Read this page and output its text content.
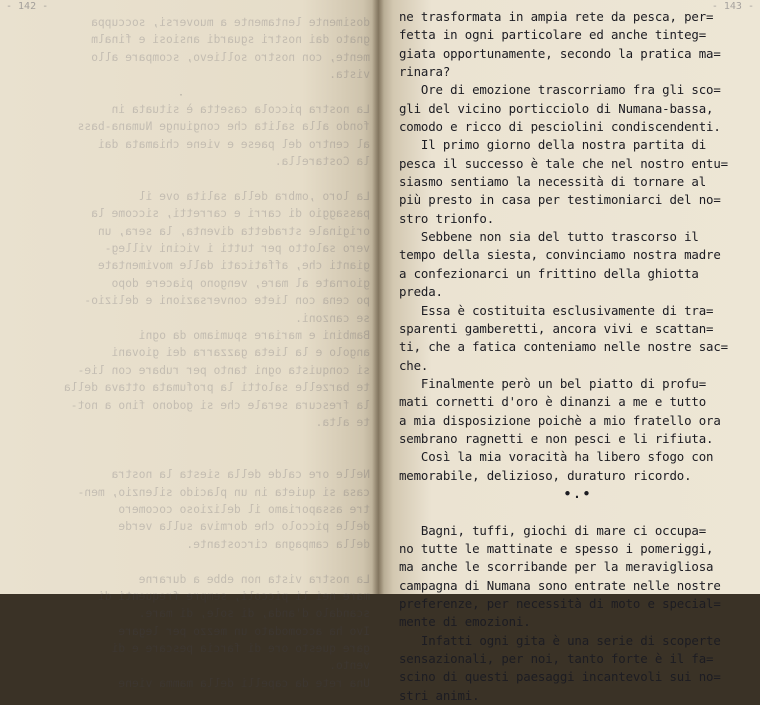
- 142 -
·
dosimente lentamente a muoversi, soccuppa
gnato dai nostri sguardi ansiosi e finalm
mente, con nostro sollievo, scompare allo
vista.
La nostra piccola casetta è situata in
fondo alla salita che congiunge Numana-bass
al centro del paese e viene chiamata dai
la Costarella.
La loro ,ombra della salita ove il
passaggio di carri e carretti, siccome la
originale stradetta diventa, la sera, un
vero salotto per tutti i vicini villeg-
gianti che, affaticati dalle movimentate
giornate al mare, vengono piacere dopo
po cena con liete conversazioni e delizio-
se canzoni.
Bambini e mariare spumiamo da ogni
angolo e la lieta gazzarra dei giovani
si conquista ogni tanto per rubare con lie-
te barzelle salotti la profumata ottava della
la frescura serale che si godono fino a not-
te alta.
Nelle ore calde della siesta la nostra
casa si quieta in un placido silenzio, men-
tre assaporiamo il delizioso cocomero
delle piccolo che dormiva sulla verde
della campagna circostante.
La nostra vista non ebbe a durarne
mare nei li piccoli, sempre frequenti di
scandalo d'anda, di sole, di mare.
Ivo ha accomodato un mezzo per legare
gare questo ore di farcia pescare e di
vento.
Una rete da capelli della mamma viene
- 143 -
ne trasformata in ampia rete da pesca, per=
fetta in ogni particolare ed anche tinteg=
giata opportunamente, secondo la pratica ma=
rinara?
Ore di emozione trascorriamo fra gli sco=
gli del vicino porticciolo di Numana-bassa,
comodo e ricco di pesciolini condiscendenti.
Il primo giorno della nostra partita di
pesca il successo è tale che nel nostro entu=
siasmo sentiamo la necessità di tornare al
più presto in casa per testimoniarci del no=
stro trionfo.
Sebbene non sia del tutto trascorso il
tempo della siesta, convinciamo nostra madre
a confezionarci un frittino della ghiotta
preda.
Essa è costituita esclusivamente di tra=
sparenti gamberetti, ancora vivi e scattan=
ti, che a fatica conteniamo nelle nostre sac=
che.
Finalmente però un bel piatto di profu=
mati cornetti d'oro è dinanzi a me e tutto
a mia disposizione poichè a mio fratello ora
sembrano ragnetti e non pesci e li rifiuta.
Così la mia voracità ha libero sfogo con
memorabile, delizioso, duraturo ricordo.
•.•
Bagni, tuffi, giochi di mare ci occupa=
no tutte le mattinate e spesso i pomeriggi,
ma anche le scorribande per la meravigliosa
campagna di Numana sono entrate nelle nostre
preferenze, per necessità di moto e special=
mente di emozioni.
Infatti ogni gita è una serie di scoperte
sensazionali, per noi, tanto forte è il fa=
scino di questi paesaggi incantevoli sui no=
stri animi.
